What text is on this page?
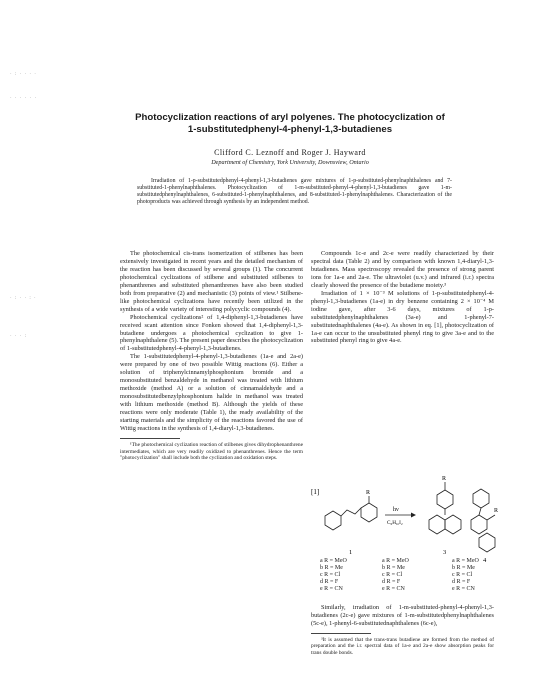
· : · · · ·
· · · · · ·
· : · · : ·
· · · :
Photocyclization reactions of aryl polyenes. The photocyclization of
1-substitutedphenyl-4-phenyl-1,3-butadienes
Clifford C. Leznoff and Roger J. Hayward
Department of Chemistry, York University, Downsview, Ontario
Irradiation of 1-p-substitutedphenyl-4-phenyl-1,3-butadienes gave mixtures of 1-p-substituted-phenylnaphthalenes and 7-substituted-1-phenylnaphthalenes. Photocyclization of 1-m-substituted-phenyl-4-phenyl-1,3-butadienes gave 1-m-substitutedphenylnaphthalenes, 6-substituted-1-phenylnaphthalenes, and 8-substituted-1-phenylnaphthalenes. Characterization of the photoproducts was achieved through synthesis by an independent method.

The photochemical cis-trans isomerization of stilbenes has been extensively investigated in recent years and the detailed mechanism of the reaction has been discussed by several groups (1). The concurrent photochemical cyclizations of stilbene and substituted stilbenes to phenanthrenes and substituted phenanthrenes have also been studied both from preparative (2) and mechanistic (3) points of view.¹ Stilbene-like photochemical cyclizations have recently been utilized in the synthesis of a wide variety of interesting polycyclic compounds (4).

Photochemical cyclizations² of 1,4-diphenyl-1,3-butadienes have received scant attention since Fonken showed that 1,4-diphenyl-1,3-butadiene undergoes a photochemical cyclization to give 1-phenylnaphthalene (5). The present paper describes the photocyclization of 1-substitutedphenyl-4-phenyl-1,3-butadienes.

The 1-substitutedphenyl-4-phenyl-1,3-butadienes (1a-e and 2a-e) were prepared by one of two possible Wittig reactions (6). Either a solution of triphenylcinnamylphosphonium bromide and a monosubstituted benzaldehyde in methanol was treated with lithium methoxide (method A) or a solution of cinnamaldehyde and a monosubstitutedbenzylphosphonium halide in methanol was treated with lithium methoxide (method B). Although the yields of these reactions were only moderate (Table 1), the ready availability of the starting materials and the simplicity of the reactions favored the use of Wittig reactions in the synthesis of 1,4-diaryl-1,3-butadienes.

¹The photochemical cyclization reaction of stilbenes gives dihydrophenanthrene intermediates, which are very readily oxidized to phenanthrenes. Hence the term "photocyclization" shall include both the cyclization and oxidation steps.

Compounds 1c-e and 2c-e were readily characterized by their spectral data (Table 2) and by comparison with known 1,4-diaryl-1,3-butadienes. Mass spectroscopy revealed the presence of strong parent ions for 1a-e and 2a-e. The ultraviolet (u.v.) and infrared (i.r.) spectra clearly showed the presence of the butadiene moiety.³

Irradiation of 1 × 10⁻³ M solutions of 1-p-substitutedphenyl-4-phenyl-1,3-butadienes (1a-e) in dry benzene containing 2 × 10⁻⁴ M iodine gave, after 3-6 days, mixtures of 1-p-substitutedphenylnaphthalenes (3a-e) and 1-phenyl-7-substitutednaphthalenes (4a-e). As shown in eq. [1], photocyclization of 1a-e can occur to the unsubstituted phenyl ring to give 3a-e and to the substituted phenyl ring to give 4a-e.

[1]	R
1
hν
C₆H₆,I₂
R
3
R
4
a R = MeO
b R = Me
c R = Cl
d R = F
e R = CN
a R = MeO
b R = Me
c R = Cl
d R = F
e R = CN
a R = MeO
b R = Me
c R = Cl
d R = F
e R = CN

Similarly, irradiation of 1-m-substituted-phenyl-4-phenyl-1,3-butadienes (2c-e) gave mixtures of 1-m-substitutedphenylnaphthalenes (5c-e), 1-phenyl-6-substitutednaphthalenes (6c-e),

³It is assumed that the trans-trans butadiene are formed from the method of preparation and the i.r. spectral data of 1a-e and 2a-e show absorption peaks for trans double bonds.
